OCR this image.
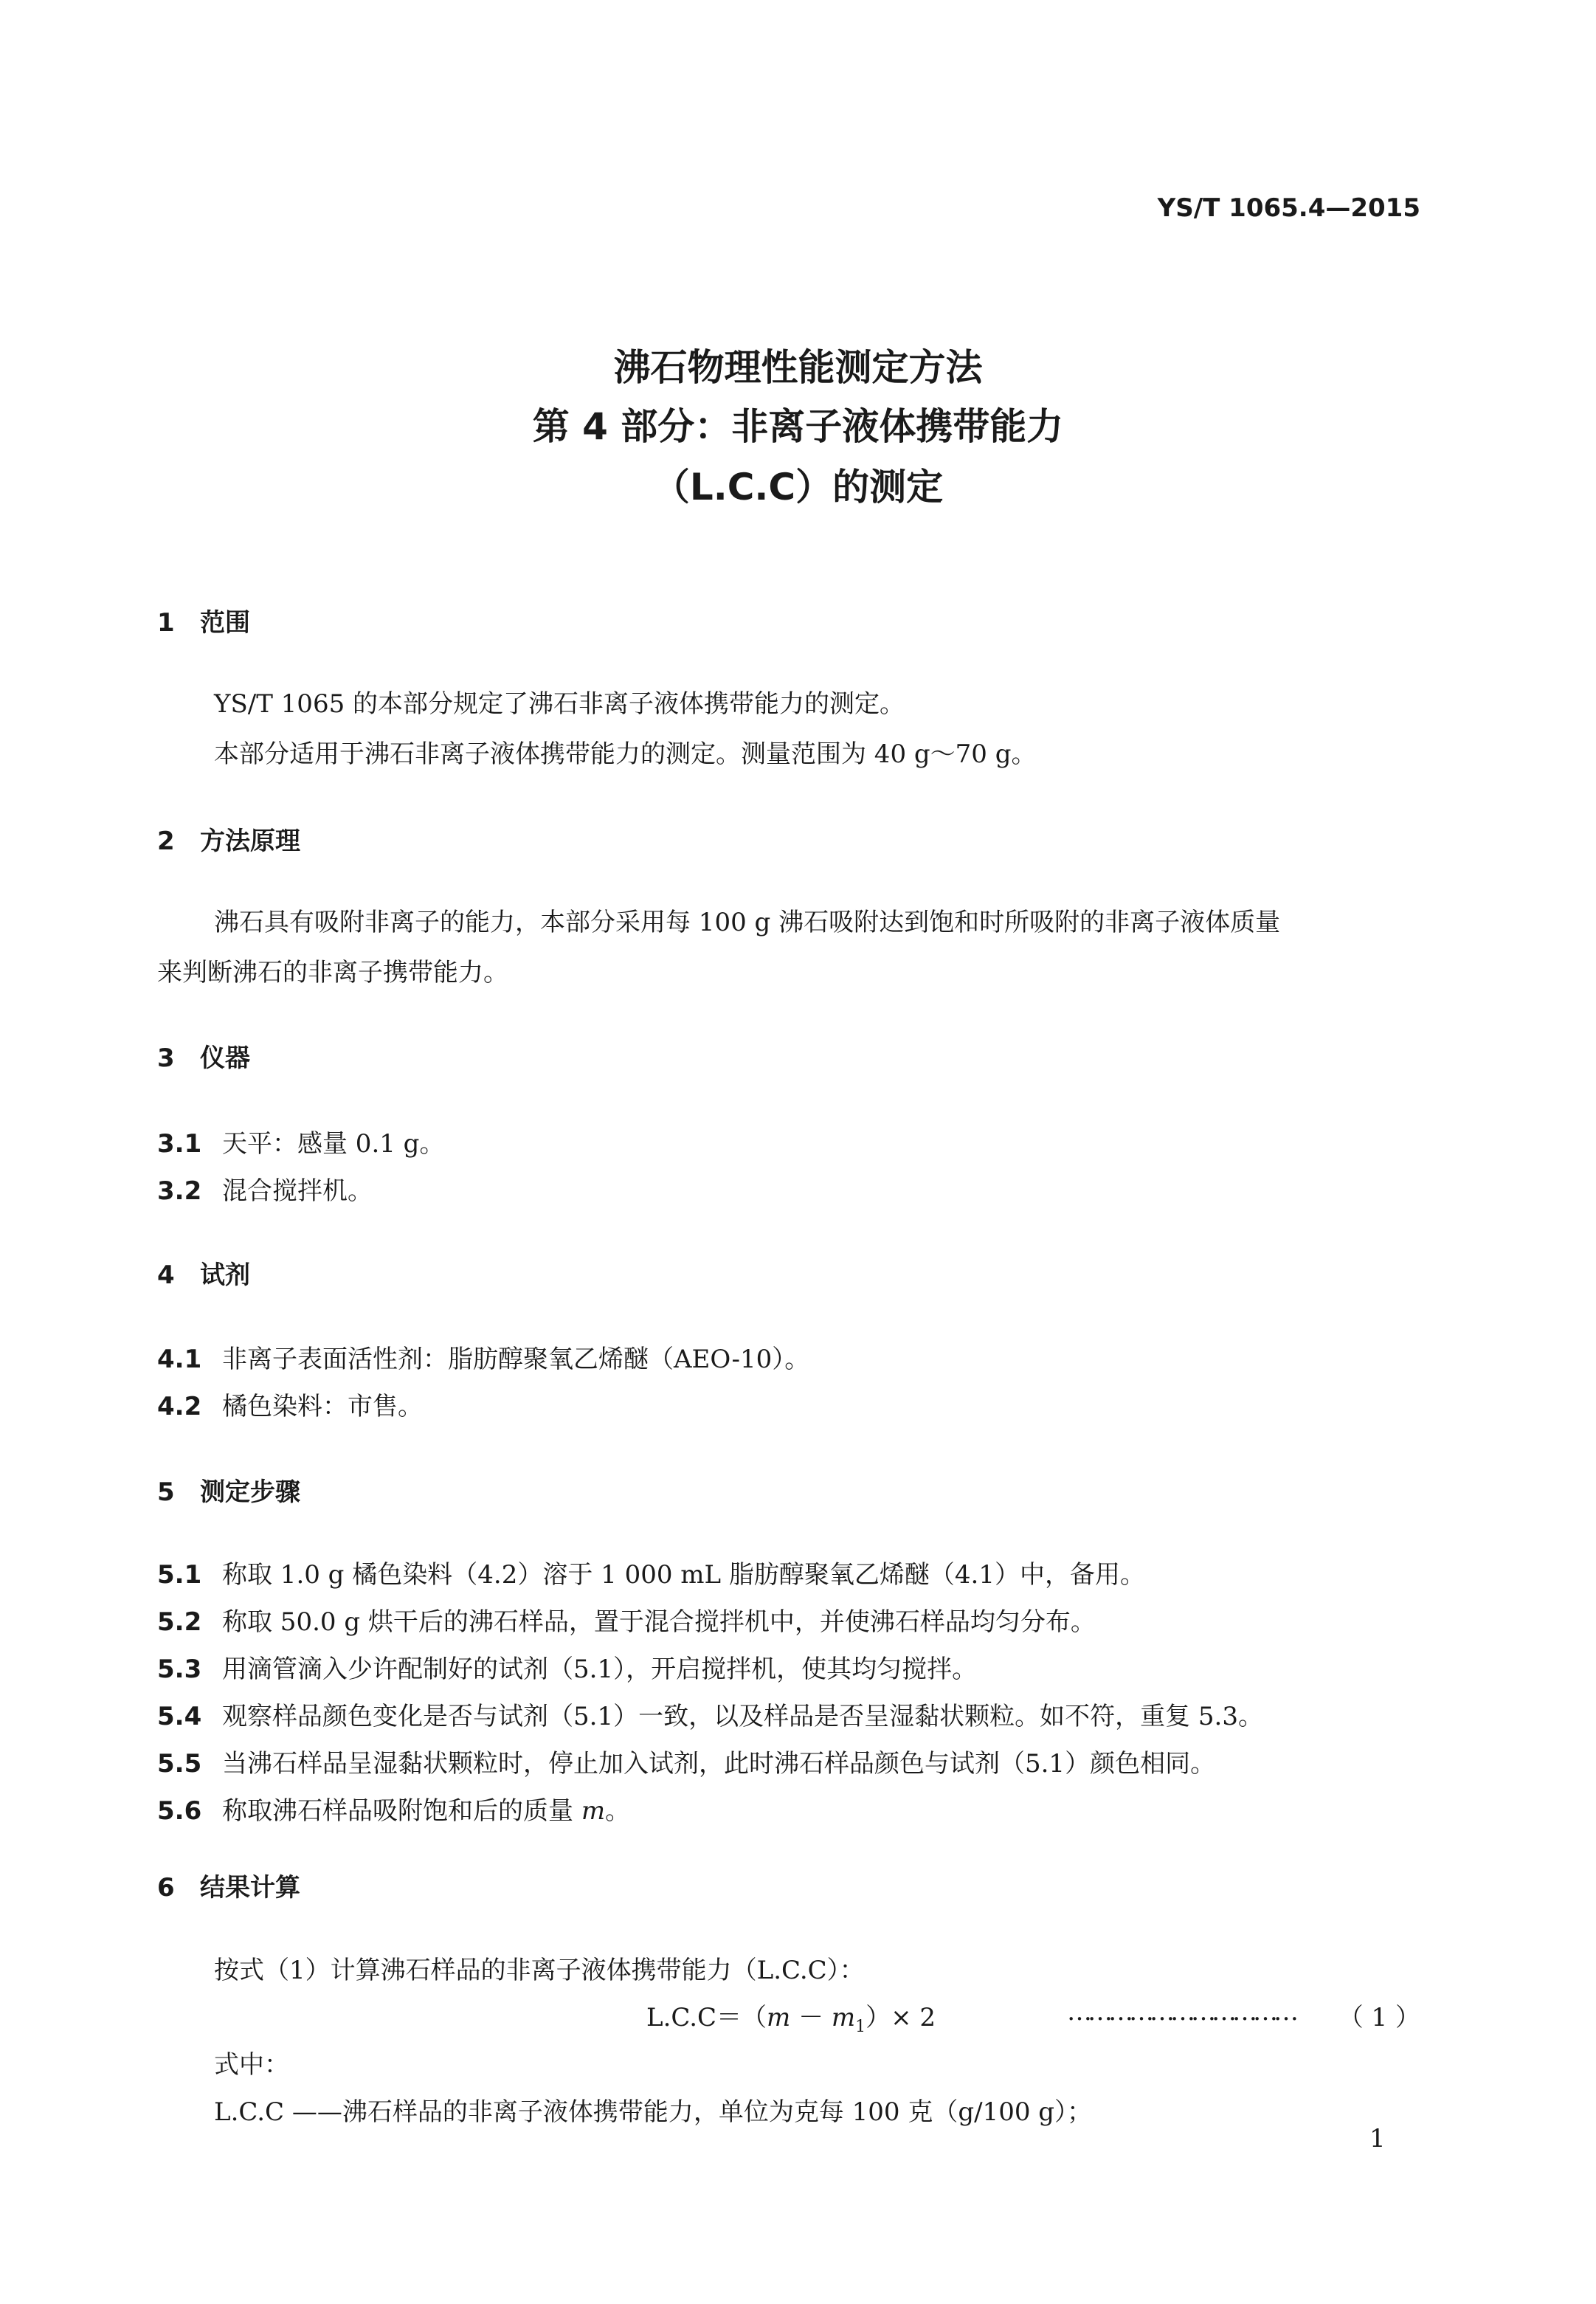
YS/T 1065.4—2015
沸石物理性能测定方法
第 4 部分：非离子液体携带能力
（L.C.C）的测定
1 范围
YS/T 1065 的本部分规定了沸石非离子液体携带能力的测定。
本部分适用于沸石非离子液体携带能力的测定。测量范围为 40 g～70 g。
2 方法原理
沸石具有吸附非离子的能力，本部分采用每 100 g 沸石吸附达到饱和时所吸附的非离子液体质量
来判断沸石的非离子携带能力。
3 仪器
3.1 天平：感量 0.1 g。
3.2 混合搅拌机。
4 试剂
4.1 非离子表面活性剂：脂肪醇聚氧乙烯醚（AEO-10）。
4.2 橘色染料：市售。
5 测定步骤
5.1 称取 1.0 g 橘色染料（4.2）溶于 1 000 mL 脂肪醇聚氧乙烯醚（4.1）中，备用。
5.2 称取 50.0 g 烘干后的沸石样品，置于混合搅拌机中，并使沸石样品均匀分布。
5.3 用滴管滴入少许配制好的试剂（5.1），开启搅拌机，使其均匀搅拌。
5.4 观察样品颜色变化是否与试剂（5.1）一致，以及样品是否呈湿黏状颗粒。如不符，重复 5.3。
5.5 当沸石样品呈湿黏状颗粒时，停止加入试剂，此时沸石样品颜色与试剂（5.1）颜色相同。
5.6 称取沸石样品吸附饱和后的质量 m。
6 结果计算
按式（1）计算沸石样品的非离子液体携带能力（L.C.C）：
$L.C.C=(m - m_1)\times 2$	…………………………… （ 1 ）
式中：
L.C.C ——沸石样品的非离子液体携带能力，单位为克每 100 克（g/100 g）；
1
